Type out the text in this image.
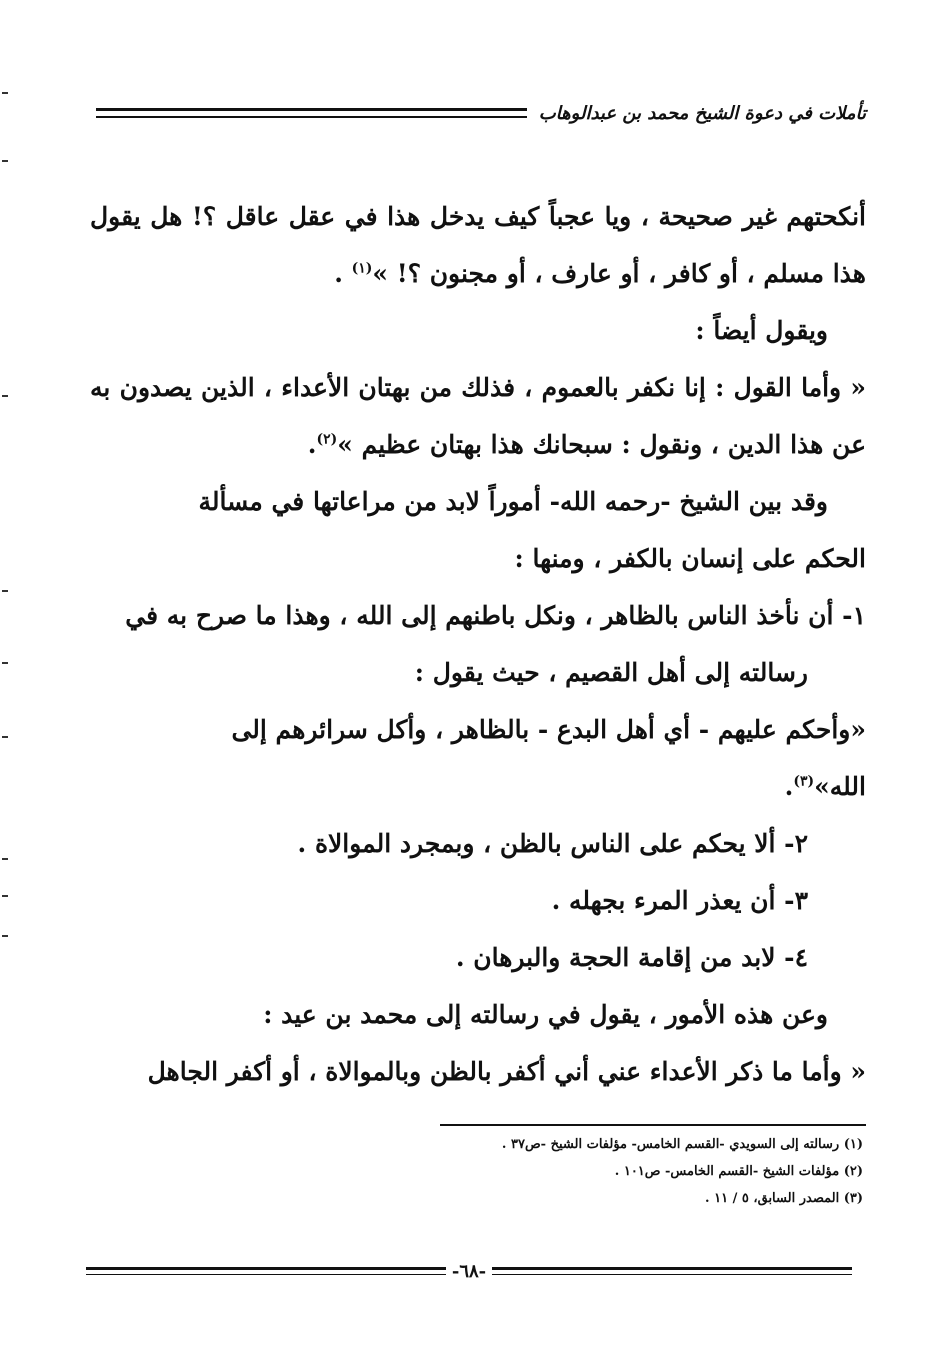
تأملات في دعوة الشيخ محمد بن عبدالوهاب

أنكحتهم غير صحيحة ، ويا عجباً كيف يدخل هذا في عقل عاقل ؟! هل يقول هذا مسلم ، أو كافر ، أو عارف ، أو مجنون ؟! »$^{(١)}$ .

ويقول أيضاً :

« وأما القول : إنا نكفر بالعموم ، فذلك من بهتان الأعداء ، الذين يصدون به عن هذا الدين ، ونقول : سبحانك هذا بهتان عظيم »$^{(٢)}$.

وقد بين الشيخ -رحمه الله- أموراً لابد من مراعاتها في مسألة

الحكم على إنسان بالكفر ، ومنها :

١- أن نأخذ الناس بالظاهر ، ونكل باطنهم إلى الله ، وهذا ما صرح به في

رسالته إلى أهل القصيم ، حيث يقول :

«وأحكم عليهم - أي أهل البدع - بالظاهر ، وأكل سرائرهم إلى

الله»$^{(٣)}$.

٢- ألا يحكم على الناس بالظن ، وبمجرد الموالاة .

٣- أن يعذر المرء بجهله .

٤- لابد من إقامة الحجة والبرهان .

وعن هذه الأمور ، يقول في رسالته إلى محمد بن عيد :

« وأما ما ذكر الأعداء عني أني أكفر بالظن وبالموالاة ، أو أكفر الجاهل

(١) رسالته إلى السويدي -القسم الخامس- مؤلفات الشيخ -ص٣٧ .

(٢) مؤلفات الشيخ -القسم الخامس- ص١٠١ .

(٣) المصدر السابق، ٥ / ١١ .

-٦٨-
